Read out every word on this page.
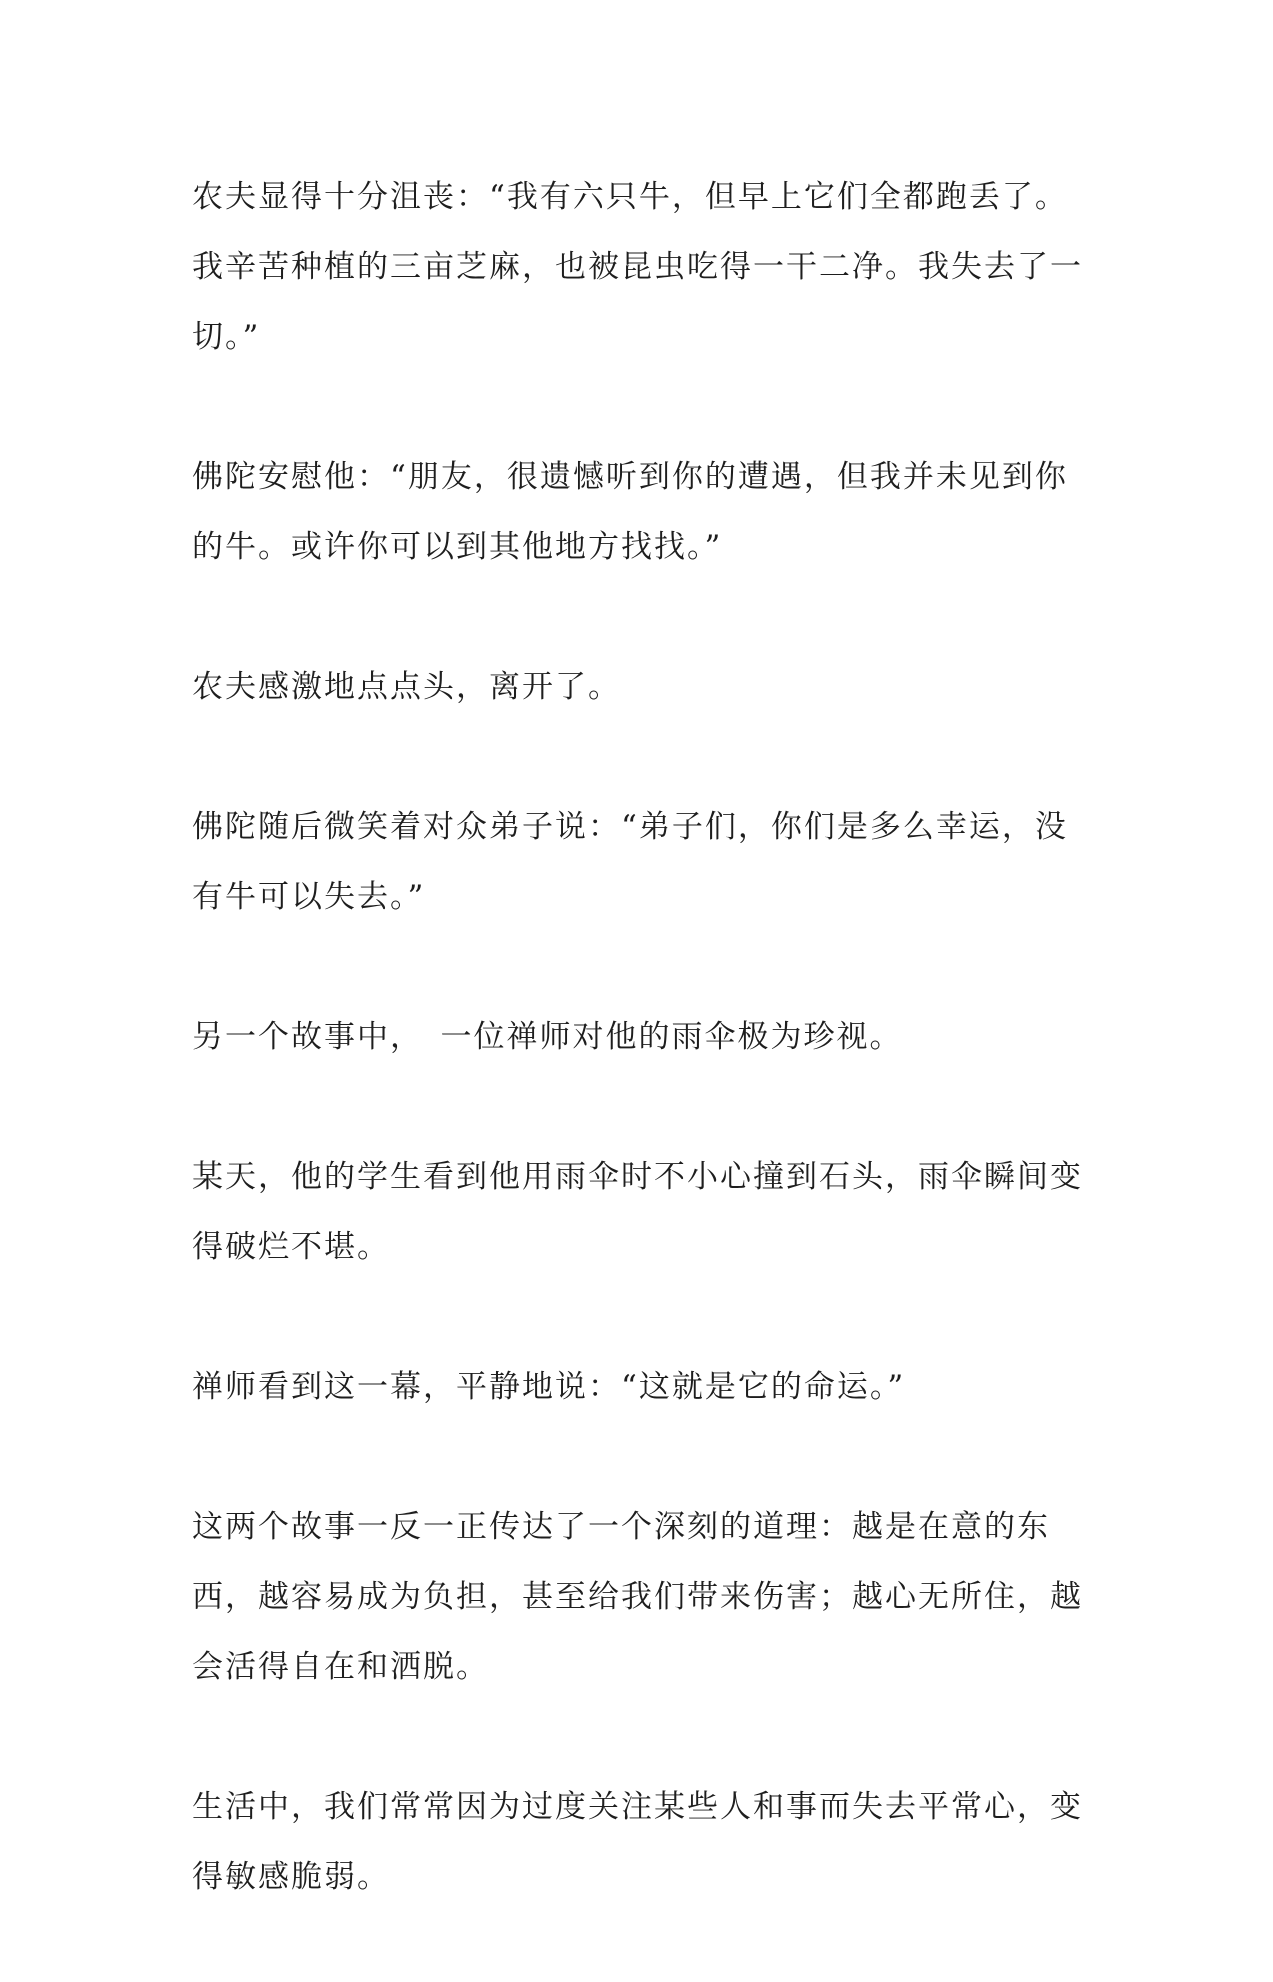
农夫显得十分沮丧：“我有六只牛，但早上它们全都跑丢了。我辛苦种植的三亩芝麻，也被昆虫吃得一干二净。我失去了一切。”

佛陀安慰他：“朋友，很遗憾听到你的遭遇，但我并未见到你的牛。或许你可以到其他地方找找。”

农夫感激地点点头，离开了。

佛陀随后微笑着对众弟子说：“弟子们，你们是多么幸运，没有牛可以失去。”

另一个故事中，　一位禅师对他的雨伞极为珍视。

某天，他的学生看到他用雨伞时不小心撞到石头，雨伞瞬间变得破烂不堪。

禅师看到这一幕，平静地说：“这就是它的命运。”

这两个故事一反一正传达了一个深刻的道理：越是在意的东西，越容易成为负担，甚至给我们带来伤害；越心无所住，越会活得自在和洒脱。

生活中，我们常常因为过度关注某些人和事而失去平常心，变得敏感脆弱。
